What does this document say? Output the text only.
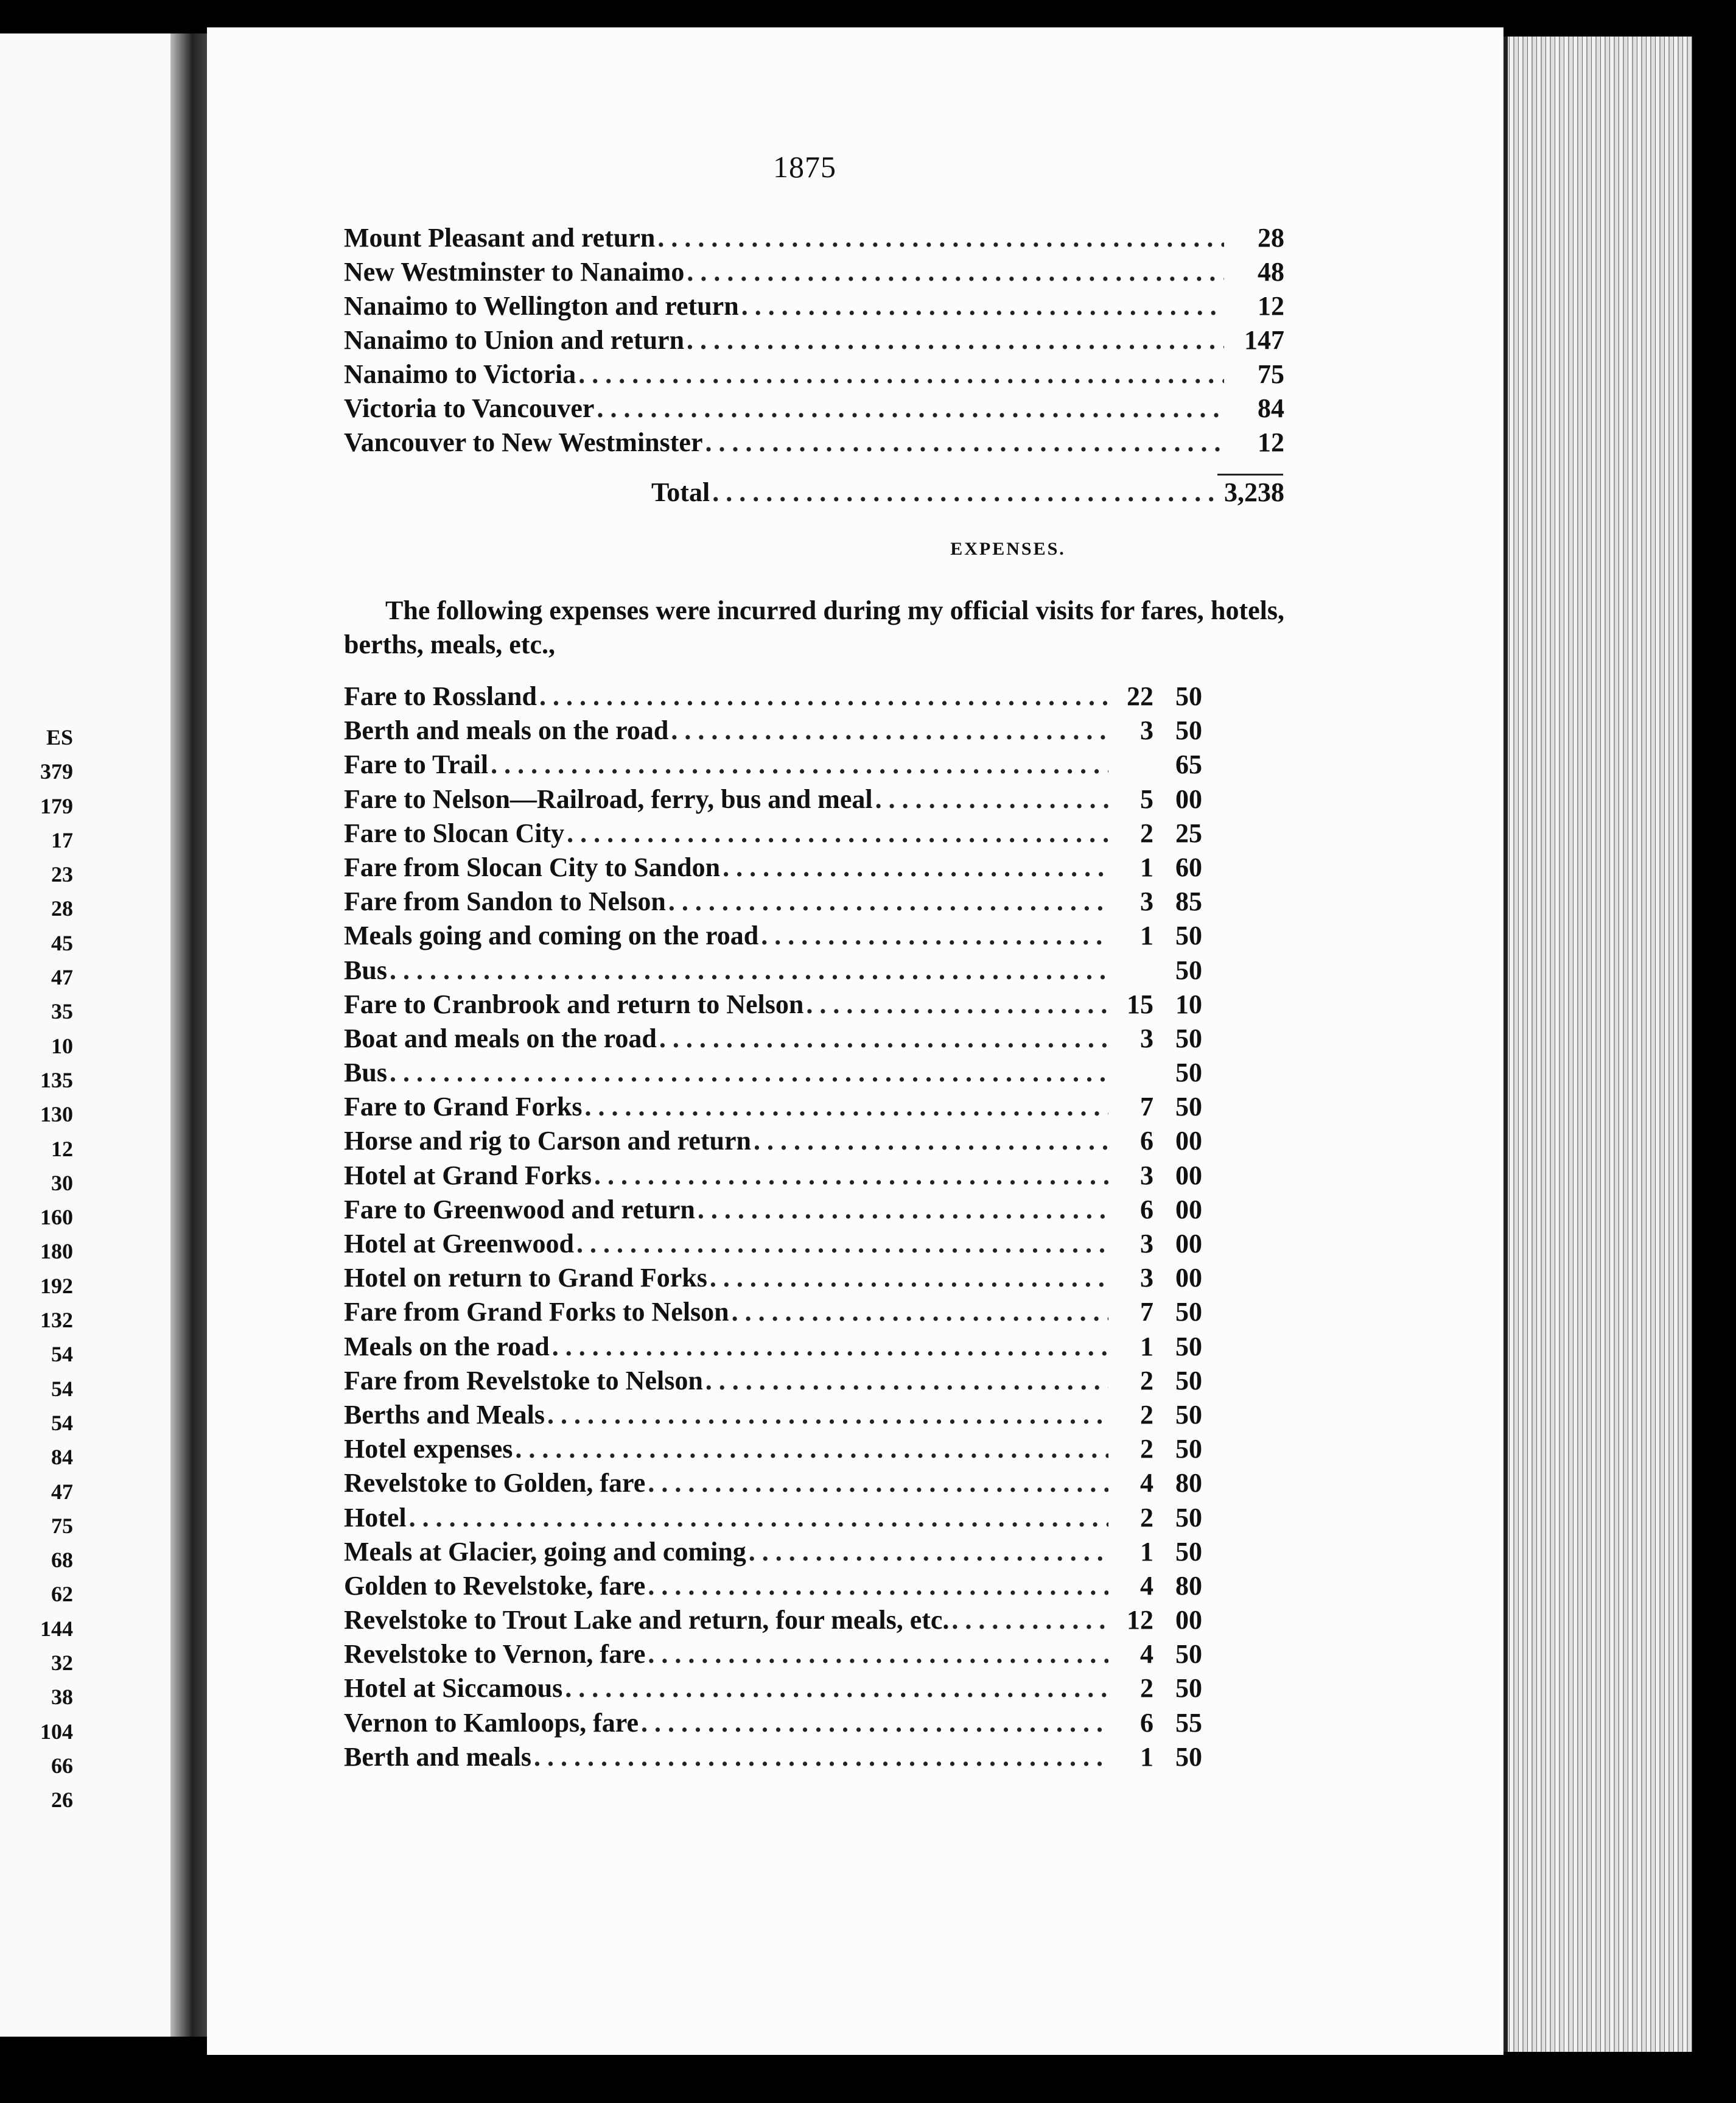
ES
379
179
17
23
28
45
47
35
10
135
130
12
30
160
180
192
132
54
54
54
84
47
75
68
62
144
32
38
104
66
26
1875
Mount Pleasant and return . . .	28
New Westminster to Nanaimo . . .	48
Nanaimo to Wellington and return . . .	12
Nanaimo to Union and return . . .	147
Nanaimo to Victoria . . .	75
Victoria to Vancouver . . .	84
Vancouver to New Westminster . . .	12
Total . . .	3,238
EXPENSES.

The following expenses were incurred during my official visits for fares, hotels, berths, meals, etc.,

Fare to Rossland . . .	22 50
Berth and meals on the road . . .	3 50
Fare to Trail . . .	65
Fare to Nelson—Railroad, ferry, bus and meal . . .	5 00
Fare to Slocan City . . .	2 25
Fare from Slocan City to Sandon . . .	1 60
Fare from Sandon to Nelson . . .	3 85
Meals going and coming on the road . . .	1 50
Bus . . .	50
Fare to Cranbrook and return to Nelson . . .	15 10
Boat and meals on the road . . .	3 50
Bus . . .	50
Fare to Grand Forks . . .	7 50
Horse and rig to Carson and return . . .	6 00
Hotel at Grand Forks . . .	3 00
Fare to Greenwood and return . . .	6 00
Hotel at Greenwood . . .	3 00
Hotel on return to Grand Forks . . .	3 00
Fare from Grand Forks to Nelson . . .	7 50
Meals on the road . . .	1 50
Fare from Revelstoke to Nelson . . .	2 50
Berths and Meals . . .	2 50
Hotel expenses . . .	2 50
Revelstoke to Golden, fare . . .	4 80
Hotel . . .	2 50
Meals at Glacier, going and coming . . .	1 50
Golden to Revelstoke, fare . . .	4 80
Revelstoke to Trout Lake and return, four meals, etc. . . .	12 00
Revelstoke to Vernon, fare . . .	4 50
Hotel at Siccamous . . .	2 50
Vernon to Kamloops, fare . . .	6 55
Berth and meals . . .	1 50
